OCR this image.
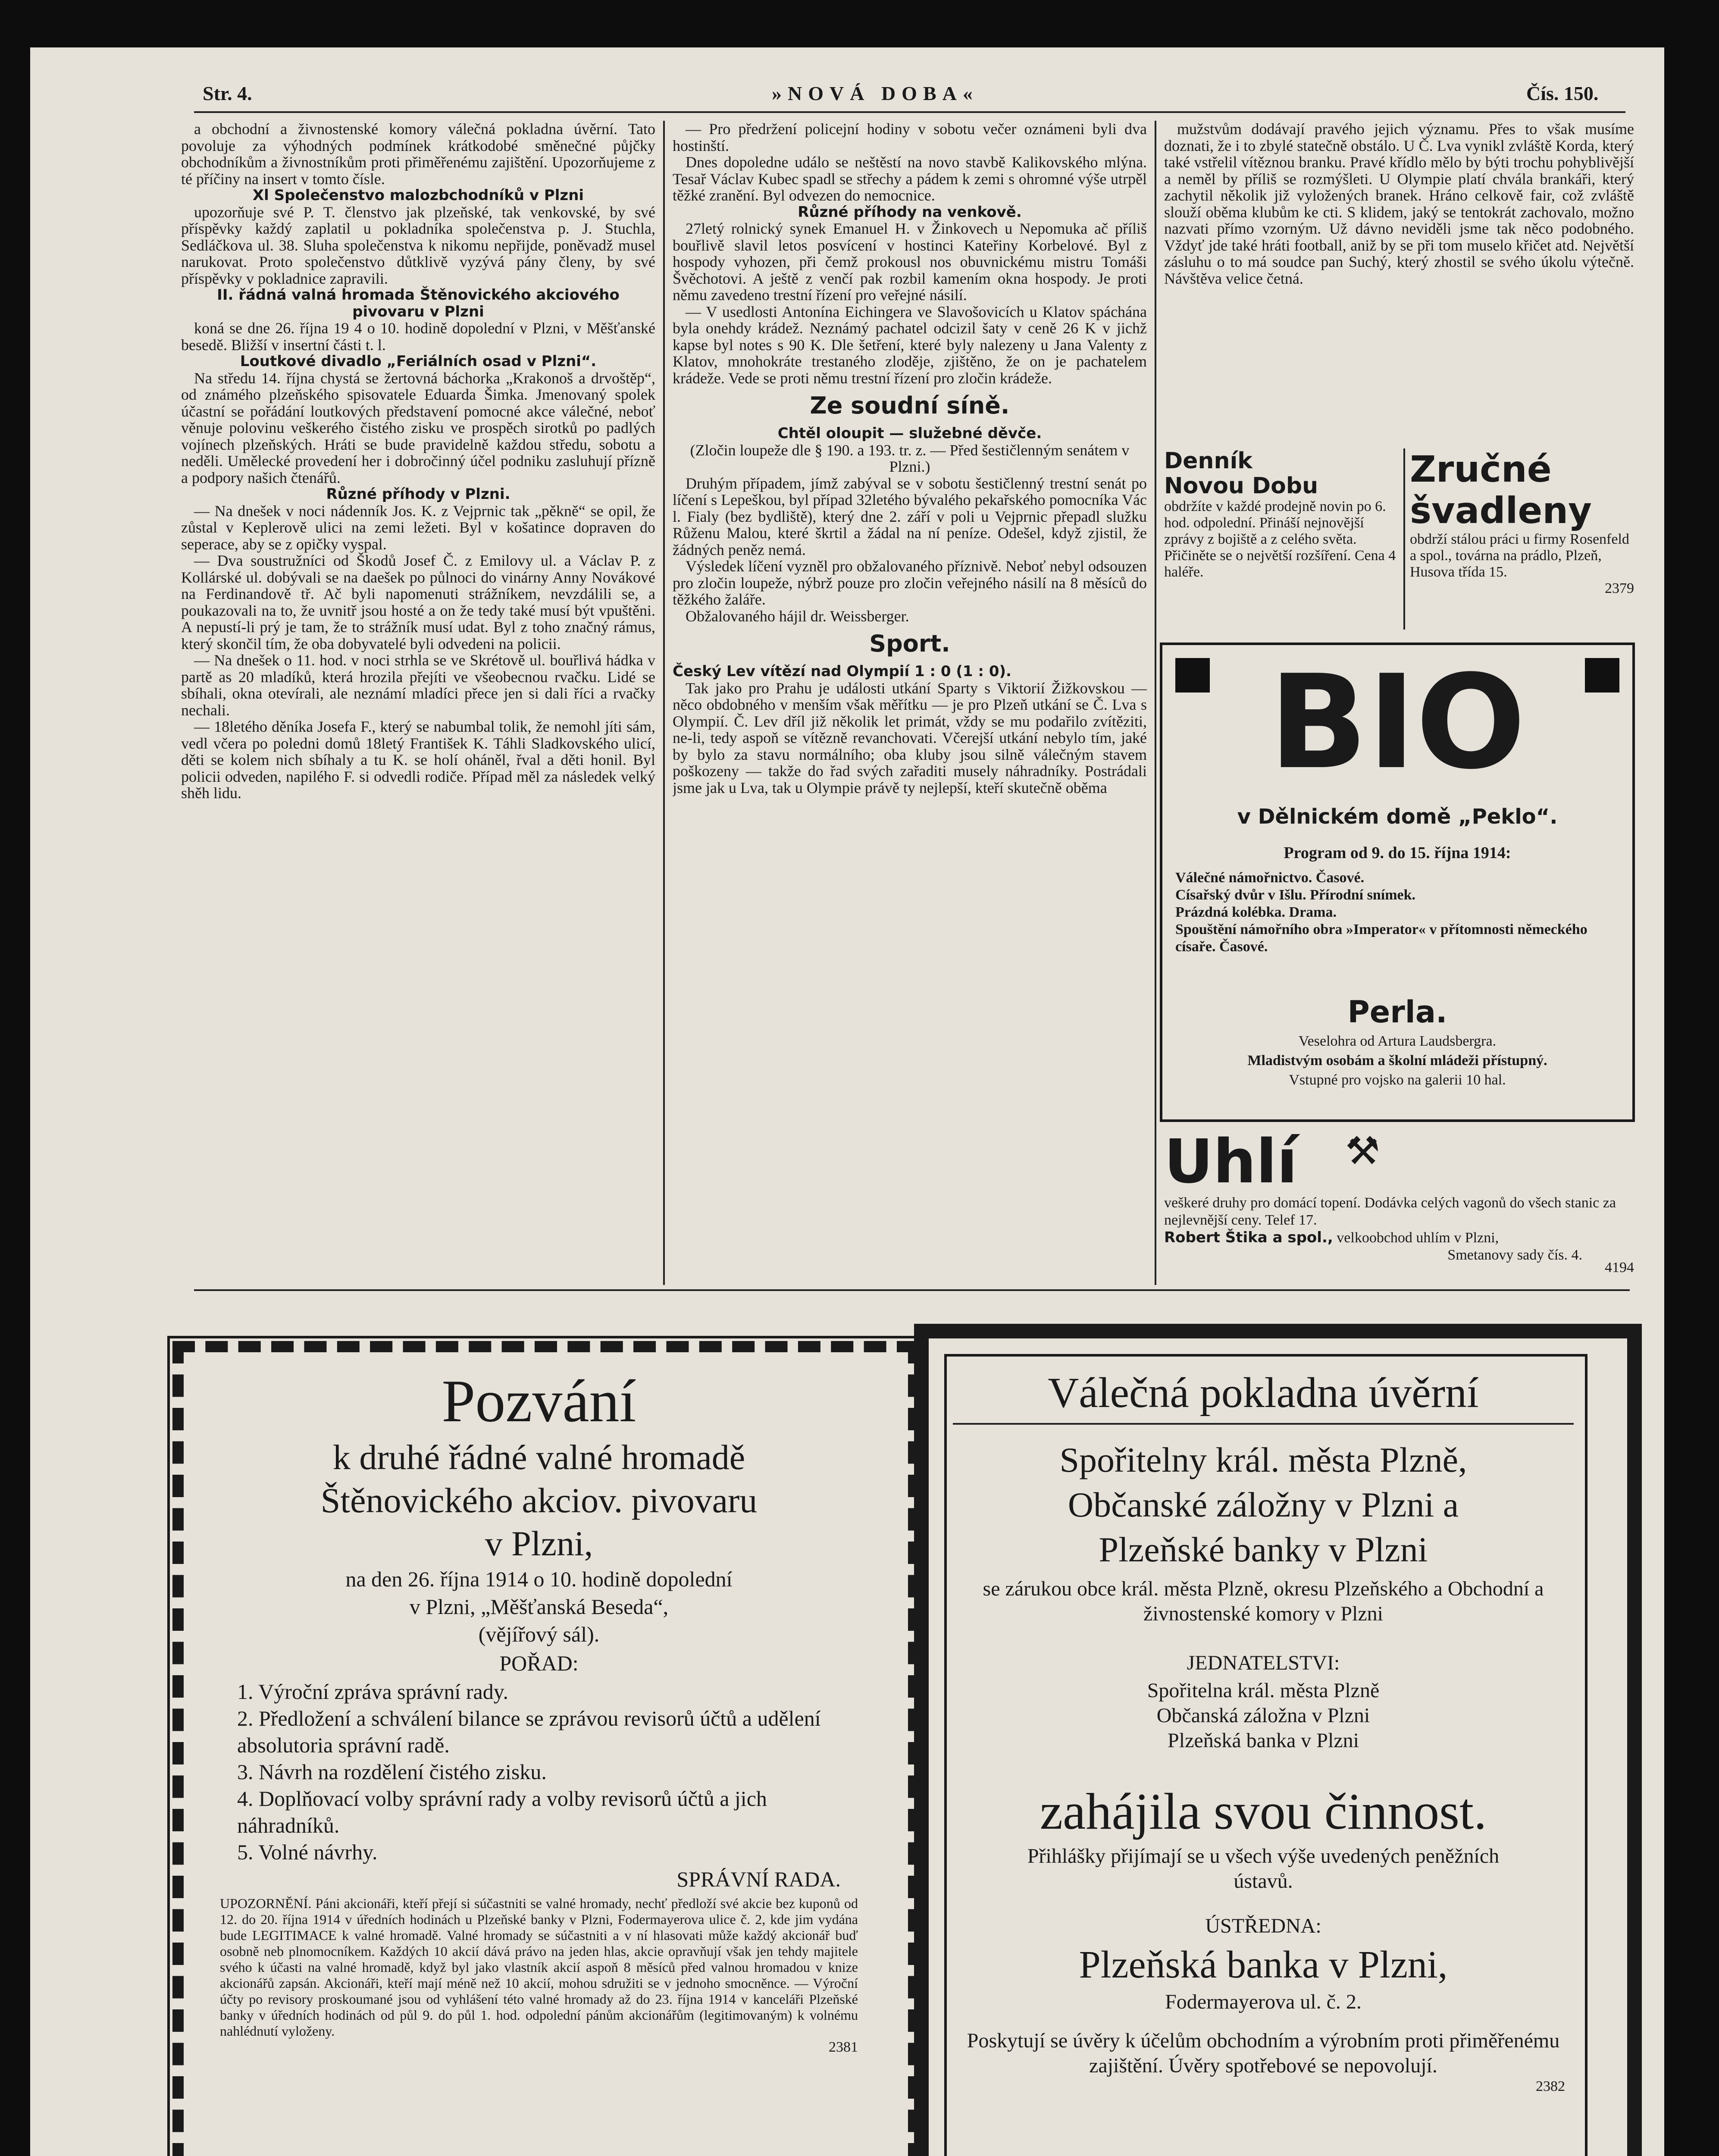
Str. 4.	»NOVÁ DOBA«	Čís. 150.

a obchodní a živnostenské komory válečná pokladna úvěrní. Tato povoluje za výhodných podmínek krátkodobé směnečné půjčky obchodníkům a živnostníkům proti přiměřenému zajištění. Upozorňujeme z té příčiny na insert v tomto čísle.

Xl Společenstvo malozbchodníků v Plzni

upozorňuje své P. T. členstvo jak plzeňské, tak venkovské, by své příspěvky každý zaplatil u pokladníka společenstva p. J. Stuchla, Sedláčkova ul. 38. Sluha společenstva k nikomu nepřijde, poněvadž musel narukovat. Proto společenstvo důtklivě vyzývá pány členy, by své příspěvky v pokladnice zapravili.

II. řádná valná hromada Štěnovického akciového pivovaru v Plzni

koná se dne 26. října 19 4 o 10. hodině dopolední v Plzni, v Měšťanské besedě. Bližší v insertní části t. l.

Loutkové divadlo „Feriálních osad v Plzni“.

Na středu 14. října chystá se žertovná báchorka „Krakonoš a drvoštěp“, od známého plzeňského spisovatele Eduarda Šimka. Jmenovaný spolek účastní se pořádání loutkových představení pomocné akce válečné, neboť věnuje polovinu veškerého čistého zisku ve prospěch sirotků po padlých vojínech plzeňských. Hráti se bude pravidelně každou středu, sobotu a neděli. Umělecké provedení her i dobročinný účel podniku zasluhují přízně a podpory našich čtenářů.

Různé příhody v Plzni.

— Na dnešek v noci nádenník Jos. K. z Vejprnic tak „pěkně“ se opil, že zůstal v Keplerově ulici na zemi ležeti. Byl v košatince dopraven do seperace, aby se z opičky vyspal.

— Dva soustružníci od Škodů Josef Č. z Emilovy ul. a Václav P. z Kollárské ul. dobývali se na daešek po půlnoci do vinárny Anny Novákové na Ferdinandově tř. Ač byli napomenuti strážníkem, nevzdálili se, a poukazovali na to, že uvnitř jsou hosté a on že tedy také musí být vpuštěni. A nepustí-li prý je tam, že to strážník musí udat. Byl z toho značný rámus, který skončil tím, že oba dobyvatelé byli odvedeni na policii.

— Na dnešek o 11. hod. v noci strhla se ve Skrétově ul. bouřlivá hádka v partě as 20 mladíků, která hrozila přejíti ve všeobecnou rvačku. Lidé se sbíhali, okna otevírali, ale neznámí mladíci přece jen si dali říci a rvačky nechali.

— 18letého děníka Josefa F., který se nabumbal tolik, že nemohl jíti sám, vedl včera po poledni domů 18letý František K. Táhli Sladkovského ulicí, děti se kolem nich sbíhaly a tu K. se holí oháněl, řval a děti honil. Byl policii odveden, napilého F. si odvedli rodiče. Případ měl za následek velký shěh lidu.

— Pro předržení policejní hodiny v sobotu večer oznámeni byli dva hostinští.

Dnes dopoledne událo se neštěstí na novo stavbě Kalikovského mlýna. Tesař Václav Kubec spadl se střechy a pádem k zemi s ohromné výše utrpěl těžké zranění. Byl odvezen do nemocnice.

Různé příhody na venkově.

27letý rolnický synek Emanuel H. v Žinkovech u Nepomuka ač příliš bouřlivě slavil letos posvícení v hostinci Kateřiny Korbelové. Byl z hospody vyhozen, při čemž prokousl nos obuvnickému mistru Tomáši Švěchotovi. A ještě z venčí pak rozbil kamením okna hospody. Je proti němu zavedeno trestní řízení pro veřejné násilí.

— V usedlosti Antonína Eichingera ve Slavošovicích u Klatov spáchána byla onehdy krádež. Neznámý pachatel odcizil šaty v ceně 26 K v jichž kapse byl notes s 90 K. Dle šetření, které byly nalezeny u Jana Valenty z Klatov, mnohokráte trestaného zloděje, zjištěno, že on je pachatelem krádeže. Vede se proti němu trestní řízení pro zločin krádeže.

Ze soudní síně.

Chtěl oloupit — služebné děvče.

(Zločin loupeže dle § 190. a 193. tr. z. — Před šestičlenným senátem v Plzni.)

Druhým případem, jímž zabýval se v sobotu šestičlenný trestní senát po líčení s Lepeškou, byl případ 32letého bývalého pekařského pomocníka Vác l. Fialy (bez bydliště), který dne 2. září v poli u Vejprnic přepadl služku Růženu Malou, které škrtil a žádal na ní peníze. Odešel, když zjistil, že žádných peněz nemá.

Výsledek líčení vyzněl pro obžalovaného příznivě. Neboť nebyl odsouzen pro zločin loupeže, nýbrž pouze pro zločin veřejného násilí na 8 měsíců do těžkého žaláře.

Obžalovaného hájil dr. Weissberger.

Sport.

Český Lev vítězí nad Olympií 1 : 0 (1 : 0).

Tak jako pro Prahu je události utkání Sparty s Viktorií Žižkovskou — něco obdobného v menším však měřítku — je pro Plzeň utkání se Č. Lva s Olympií. Č. Lev dříl již několik let primát, vždy se mu podařilo zvítěziti, ne-li, tedy aspoň se vítězně revanchovati. Včerejší utkání nebylo tím, jaké by bylo za stavu normálního; oba kluby jsou silně válečným stavem poškozeny — takže do řad svých zařaditi musely náhradníky. Postrádali jsme jak u Lva, tak u Olympie právě ty nejlepší, kteří skutečně oběma

mužstvům dodávají pravého jejich významu. Přes to však musíme doznati, že i to zbylé statečně obstálo. U Č. Lva vynikl zvláště Korda, který také vstřelil vítěznou branku. Pravé křídlo mělo by býti trochu pohyblivější a neměl by příliš se rozmýšleti. U Olympie platí chvála brankáři, který zachytil několik již vyložených branek. Hráno celkově fair, což zvláště slouží oběma klubům ke cti. S klidem, jaký se tentokrát zachovalo, možno nazvati přímo vzorným. Už dávno neviděli jsme tak něco podobného. Vždyť jde také hráti football, aniž by se při tom muselo křičet atd. Největší zásluhu o to má soudce pan Suchý, který zhostil se svého úkolu výtečně. Návštěva velice četná.

Denník
Novou Dobu
obdržíte v každé prodejně novin po 6. hod. odpolední. Přináší nejnovější zprávy z bojiště a z celého světa. Přičiněte se o největší rozšíření. Cena 4 haléře.
Zručné
švadleny
obdrží stálou práci u firmy Rosenfeld a spol., továrna na prádlo, Plzeň, Husova třída 15.
2379
BIO
v Dělnickém domě „Peklo“.
Program od 9. do 15. října 1914:
Válečné námořnictvo. Časové.
Císařský dvůr v Išlu. Přírodní snímek.
Prázdná kolébka. Drama.
Spouštění námořního obra »Imperator« v přítomnosti německého císaře. Časové.
Perla.
Veselohra od Artura Laudsbergra.
Mladistvým osobám a školní mládeži přístupný.
Vstupné pro vojsko na galerii 10 hal.
Uhlí	⚒
veškeré druhy pro domácí topení. Dodávka celých vagonů do všech stanic za nejlevnější ceny. Telef 17.
Robert Štika a spol., velkoobchod uhlím v Plzni,
Smetanovy sady čís. 4.
4194
Pozvání
k druhé řádné valné hromadě
Štěnovického akciov. pivovaru
v Plzni,
na den 26. října 1914 o 10. hodině dopolední
v Plzni, „Měšťanská Beseda“,
(vějířový sál).
POŘAD:
1. Výroční zpráva správní rady.
2. Předložení a schválení bilance se zprávou revisorů účtů a udělení absolutoria správní radě.
3. Návrh na rozdělení čistého zisku.
4. Doplňovací volby správní rady a volby revisorů účtů a jich náhradníků.
5. Volné návrhy.
SPRÁVNÍ RADA.
UPOZORNĚNÍ. Páni akcionáři, kteří přejí si súčastniti se valné hromady, nechť předloží své akcie bez kuponů od 12. do 20. října 1914 v úředních hodinách u Plzeňské banky v Plzni, Fodermayerova ulice č. 2, kde jim vydána bude LEGITIMACE k valné hromadě. Valné hromady se súčastniti a v ní hlasovati může každý akcionář buď osobně neb plnomocníkem. Každých 10 akcií dává právo na jeden hlas, akcie opravňují však jen tehdy majitele svého k účasti na valné hromadě, když byl jako vlastník akcií aspoň 8 měsíců před valnou hromadou v knize akcionářů zapsán. Akcionáři, kteří mají méně než 10 akcií, mohou sdružiti se v jednoho smocněnce. — Výroční účty po revisory proskoumané jsou od vyhlášení této valné hromady až do 23. října 1914 v kanceláři Plzeňské banky v úředních hodinách od půl 9. do půl 1. hod. odpolední pánům akcionářům (legitimovaným) k volnému nahlédnutí vyloženy.
2381
Válečná pokladna úvěrní
Spořitelny král. města Plzně,
Občanské záložny v Plzni a
Plzeňské banky v Plzni
se zárukou obce král. města Plzně, okresu Plzeňského a Obchodní a živnostenské komory v Plzni
JEDNATELSTVI:
Spořitelna král. města Plzně
Občanská záložna v Plzni
Plzeňská banka v Plzni
zahájila svou činnost.
Přihlášky přijímají se u všech výše uvedených peněžních ústavů.
ÚSTŘEDNA:
Plzeňská banka v Plzni,
Fodermayerova ul. č. 2.
Poskytují se úvěry k účelům obchodním a výrobním proti přiměřenému zajištění. Úvěry spotřebové se nepovolují.
2382
